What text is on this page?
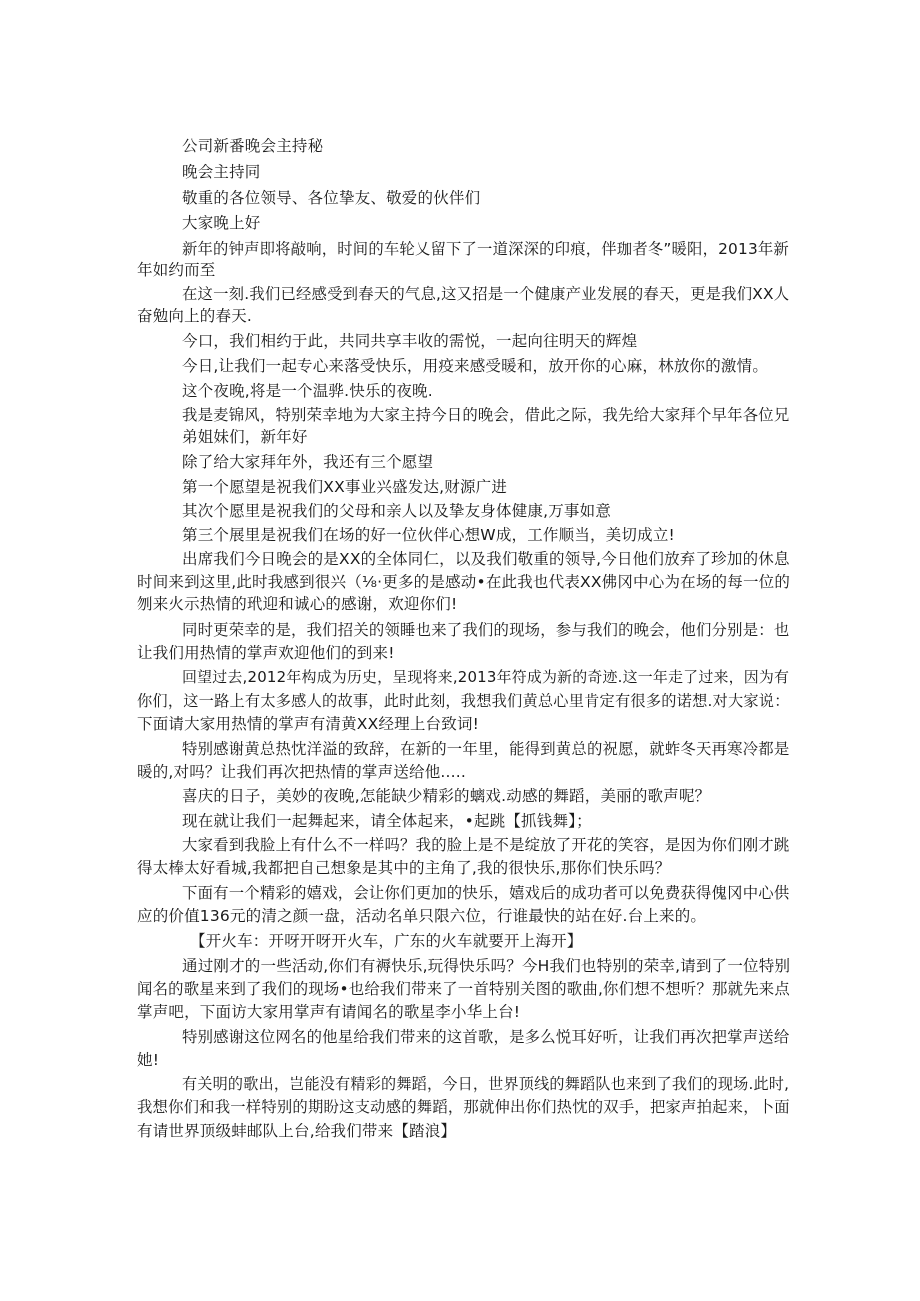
公司新番晚会主持秘

晚会主持同

敬重的各位领导、各位挚友、敬爱的伙伴们

大家晚上好

新年的钟声即将敲响，时间的车轮乂留下了一道深深的印痕，伴珈者冬”暖阳，2013年新

年如约而至

在这一刻.我们已经感受到春天的气息,这又招是一个健康产业发展的春天，更是我们XX人

奋勉向上的春天.

今口，我们相约于此，共同共享丰收的需悦，一起向往明天的辉煌

今日,让我们一起专心来落受快乐，用疫来感受暖和，放开你的心麻，林放你的激情。

这个夜晚,将是一个温骅.快乐的夜晚.

我是麦锦风，特别荣幸地为大家主持今日的晚会，借此之际，我先给大家拜个早年各位兄

弟姐妹们，新年好

除了给大家拜年外，我还有三个愿望

第一个愿望是祝我们XX事业兴盛发达,财源广进

其次个愿里是祝我们的父母和亲人以及挚友身体健康,万事如意

第三个展里是祝我们在场的好一位伙伴心想W成，工作顺当，美切成立!

出席我们今日晚会的是XX的全体同仁，以及我们敬重的领导,今日他们放弃了珍加的休息

时间来到这里,此时我感到很兴（⅛·更多的是感动•在此我也代表XX佛冈中心为在场的每一位的

刎来火示热情的玳迎和诚心的感谢，欢迎你们!

同时更荣幸的是，我们招关的领睡也来了我们的现场，参与我们的晚会，他们分别是：也

让我们用热情的掌声欢迎他们的到来!

回望过去,2012年构成为历史，呈现将来,2013年符成为新的奇迹.这一年走了过来，因为有

你们，这一路上有太多感人的故事，此时此刻，我想我们黄总心里肯定有很多的诺想.对大家说：

下面请大家用热情的掌声有清黄XX经理上台致词!

特别感谢黄总热忱洋溢的致辞，在新的一年里，能得到黄总的祝愿，就蚱冬天再寒冷都是

暖的,对吗？让我们再次把热情的掌声送给他.....

喜庆的日子，美妙的夜晚,怎能缺少精彩的螭戏.动感的舞蹈，美丽的歌声呢？

现在就让我们一起舞起来，请全体起来，•起跳【抓钱舞】；

大家看到我脸上有什么不一样吗？我的脸上是不是绽放了开花的笑容，是因为你们刚才跳

得太棒太好看城,我都把自己想象是其中的主角了,我的很快乐,那你们快乐吗？

下面有一个精彩的嬉戏，会让你们更加的快乐，嬉戏后的成功者可以免费获得傀冈中心供

应的价值136元的清之颜一盘，活动名单只限六位，行谁最快的站在好.台上来的。

【开火车：开呀开呀开火车，广东的火车就要开上海开】

通过刚才的一些活动,你们有褥快乐,玩得快乐吗？今H我们也特别的荣幸,请到了一位特别

闻名的歌星来到了我们的现场•也给我们带来了一首特别关图的歌曲,你们想不想听？那就先来点

掌声吧，下面访大家用掌声有请闻名的歌星李小华上台!

特别感谢这位网名的他星给我们带来的这首歌，是多么悦耳好听，让我们再次把掌声送给

她!

有关明的歌出，岂能没有精彩的舞蹈，今日，世界顶线的舞蹈队也来到了我们的现场.此时,

我想你们和我一样特别的期盼这支动感的舞蹈，那就伸出你们热忱的双手，把家声拍起来，卜面

有请世界顶级蚌邮队上台,给我们带来【踏浪】
